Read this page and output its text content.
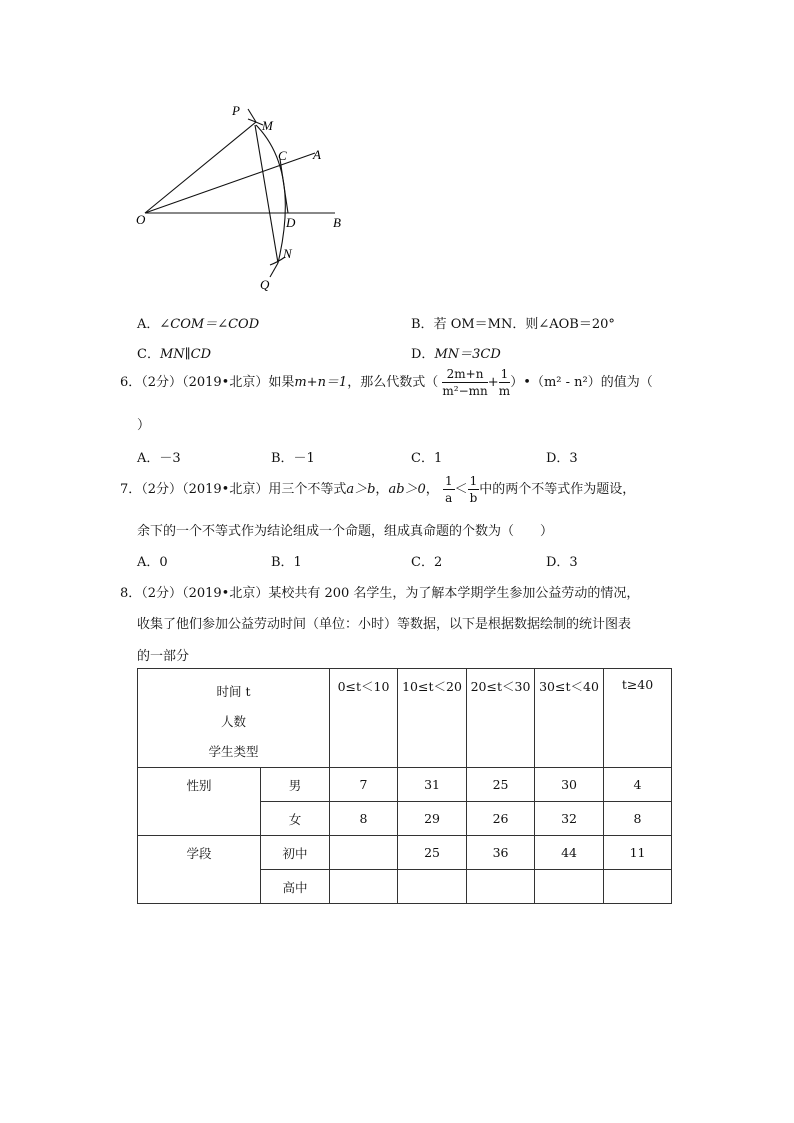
P
M
C A
O	D	B
N
Q
A．∠COM＝∠COD	B．若 OM＝MN．则∠AOB＝20°
C．MN∥CD	D．MN＝3CD
6．（2分）（2019•北京）如果m+n＝1，那么代数式（ $\frac{2m+n}{\text{m²−mn}} + \frac{1}{m}$ ）•（m² - n²）的值为（
）
A．－3	B．－1	C．1	D．3
7．（2分）（2019•北京）用三个不等式a＞b，ab＞0， $\frac{1}{a} < \frac{1}{b}$ 中的两个不等式作为题设，
余下的一个不等式作为结论组成一个命题，组成真命题的个数为（　　）
A．0	B．1	C．2	D．3
8．（2分）（2019•北京）某校共有 200 名学生，为了解本学期学生参加公益劳动的情况，
收集了他们参加公益劳动时间（单位：小时）等数据，以下是根据数据绘制的统计图表
的一部分
时间 t
人数
学生类型		0≤t＜10	10≤t＜20	20≤t＜30	30≤t＜40	t≥40
性别	男	7	31	25	30	4
	女	8	29	26	32	8
学段	初中		25	36	44	11
	高中					
